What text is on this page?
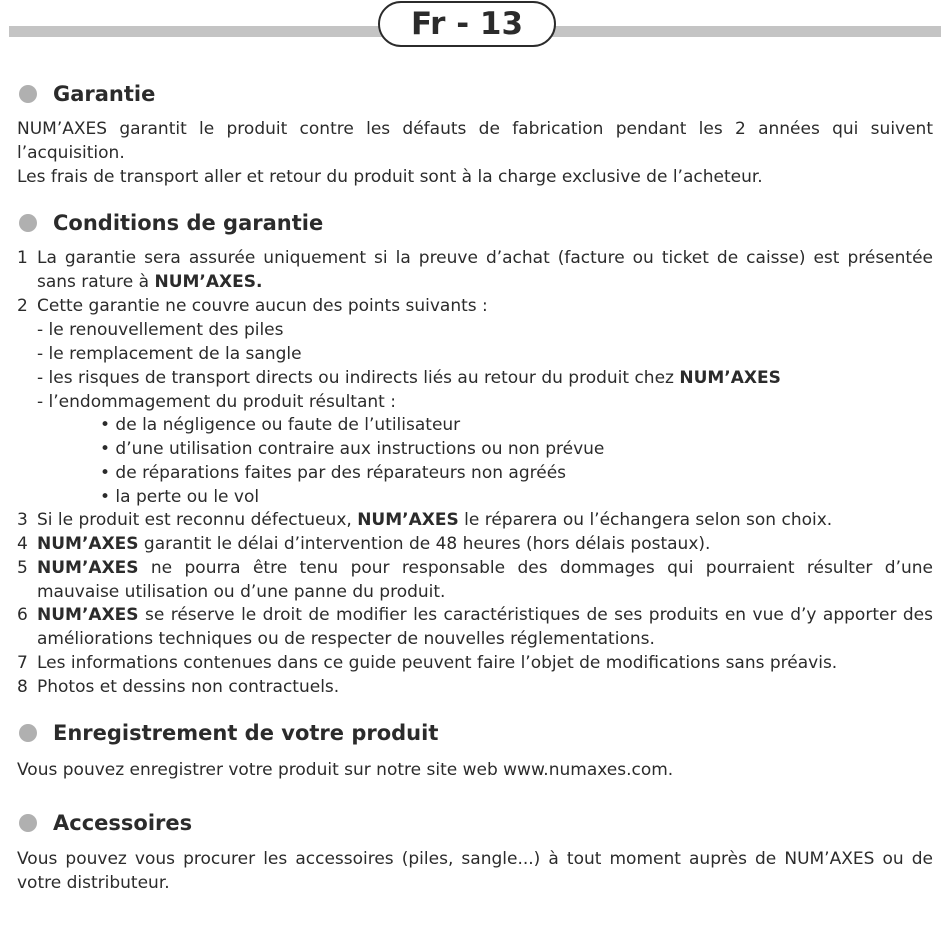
Fr - 13
Garantie

NUM’AXES garantit le produit contre les défauts de fabrication pendant les 2 années qui suivent l’acquisition.

Les frais de transport aller et retour du produit sont à la charge exclusive de l’acheteur.

Conditions de garantie
1 La garantie sera assurée uniquement si la preuve d’achat (facture ou ticket de caisse) est présentée sans rature à NUM’AXES.
2 Cette garantie ne couvre aucun des points suivants :
- le renouvellement des piles
- le remplacement de la sangle
- les risques de transport directs ou indirects liés au retour du produit chez NUM’AXES
- l’endommagement du produit résultant :
• de la négligence ou faute de l’utilisateur
• d’une utilisation contraire aux instructions ou non prévue
• de réparations faites par des réparateurs non agréés
• la perte ou le vol
3 Si le produit est reconnu défectueux, NUM’AXES le réparera ou l’échangera selon son choix.
4 NUM’AXES garantit le délai d’intervention de 48 heures (hors délais postaux).
5 NUM’AXES ne pourra être tenu pour responsable des dommages qui pourraient résulter d’une mauvaise utilisation ou d’une panne du produit.
6 NUM’AXES se réserve le droit de modifier les caractéristiques de ses produits en vue d’y apporter des améliorations techniques ou de respecter de nouvelles réglementations.
7 Les informations contenues dans ce guide peuvent faire l’objet de modifications sans préavis.
8 Photos et dessins non contractuels.
Enregistrement de votre produit

Vous pouvez enregistrer votre produit sur notre site web www.numaxes.com.

Accessoires

Vous pouvez vous procurer les accessoires (piles, sangle...) à tout moment auprès de NUM’AXES ou de votre distributeur.
